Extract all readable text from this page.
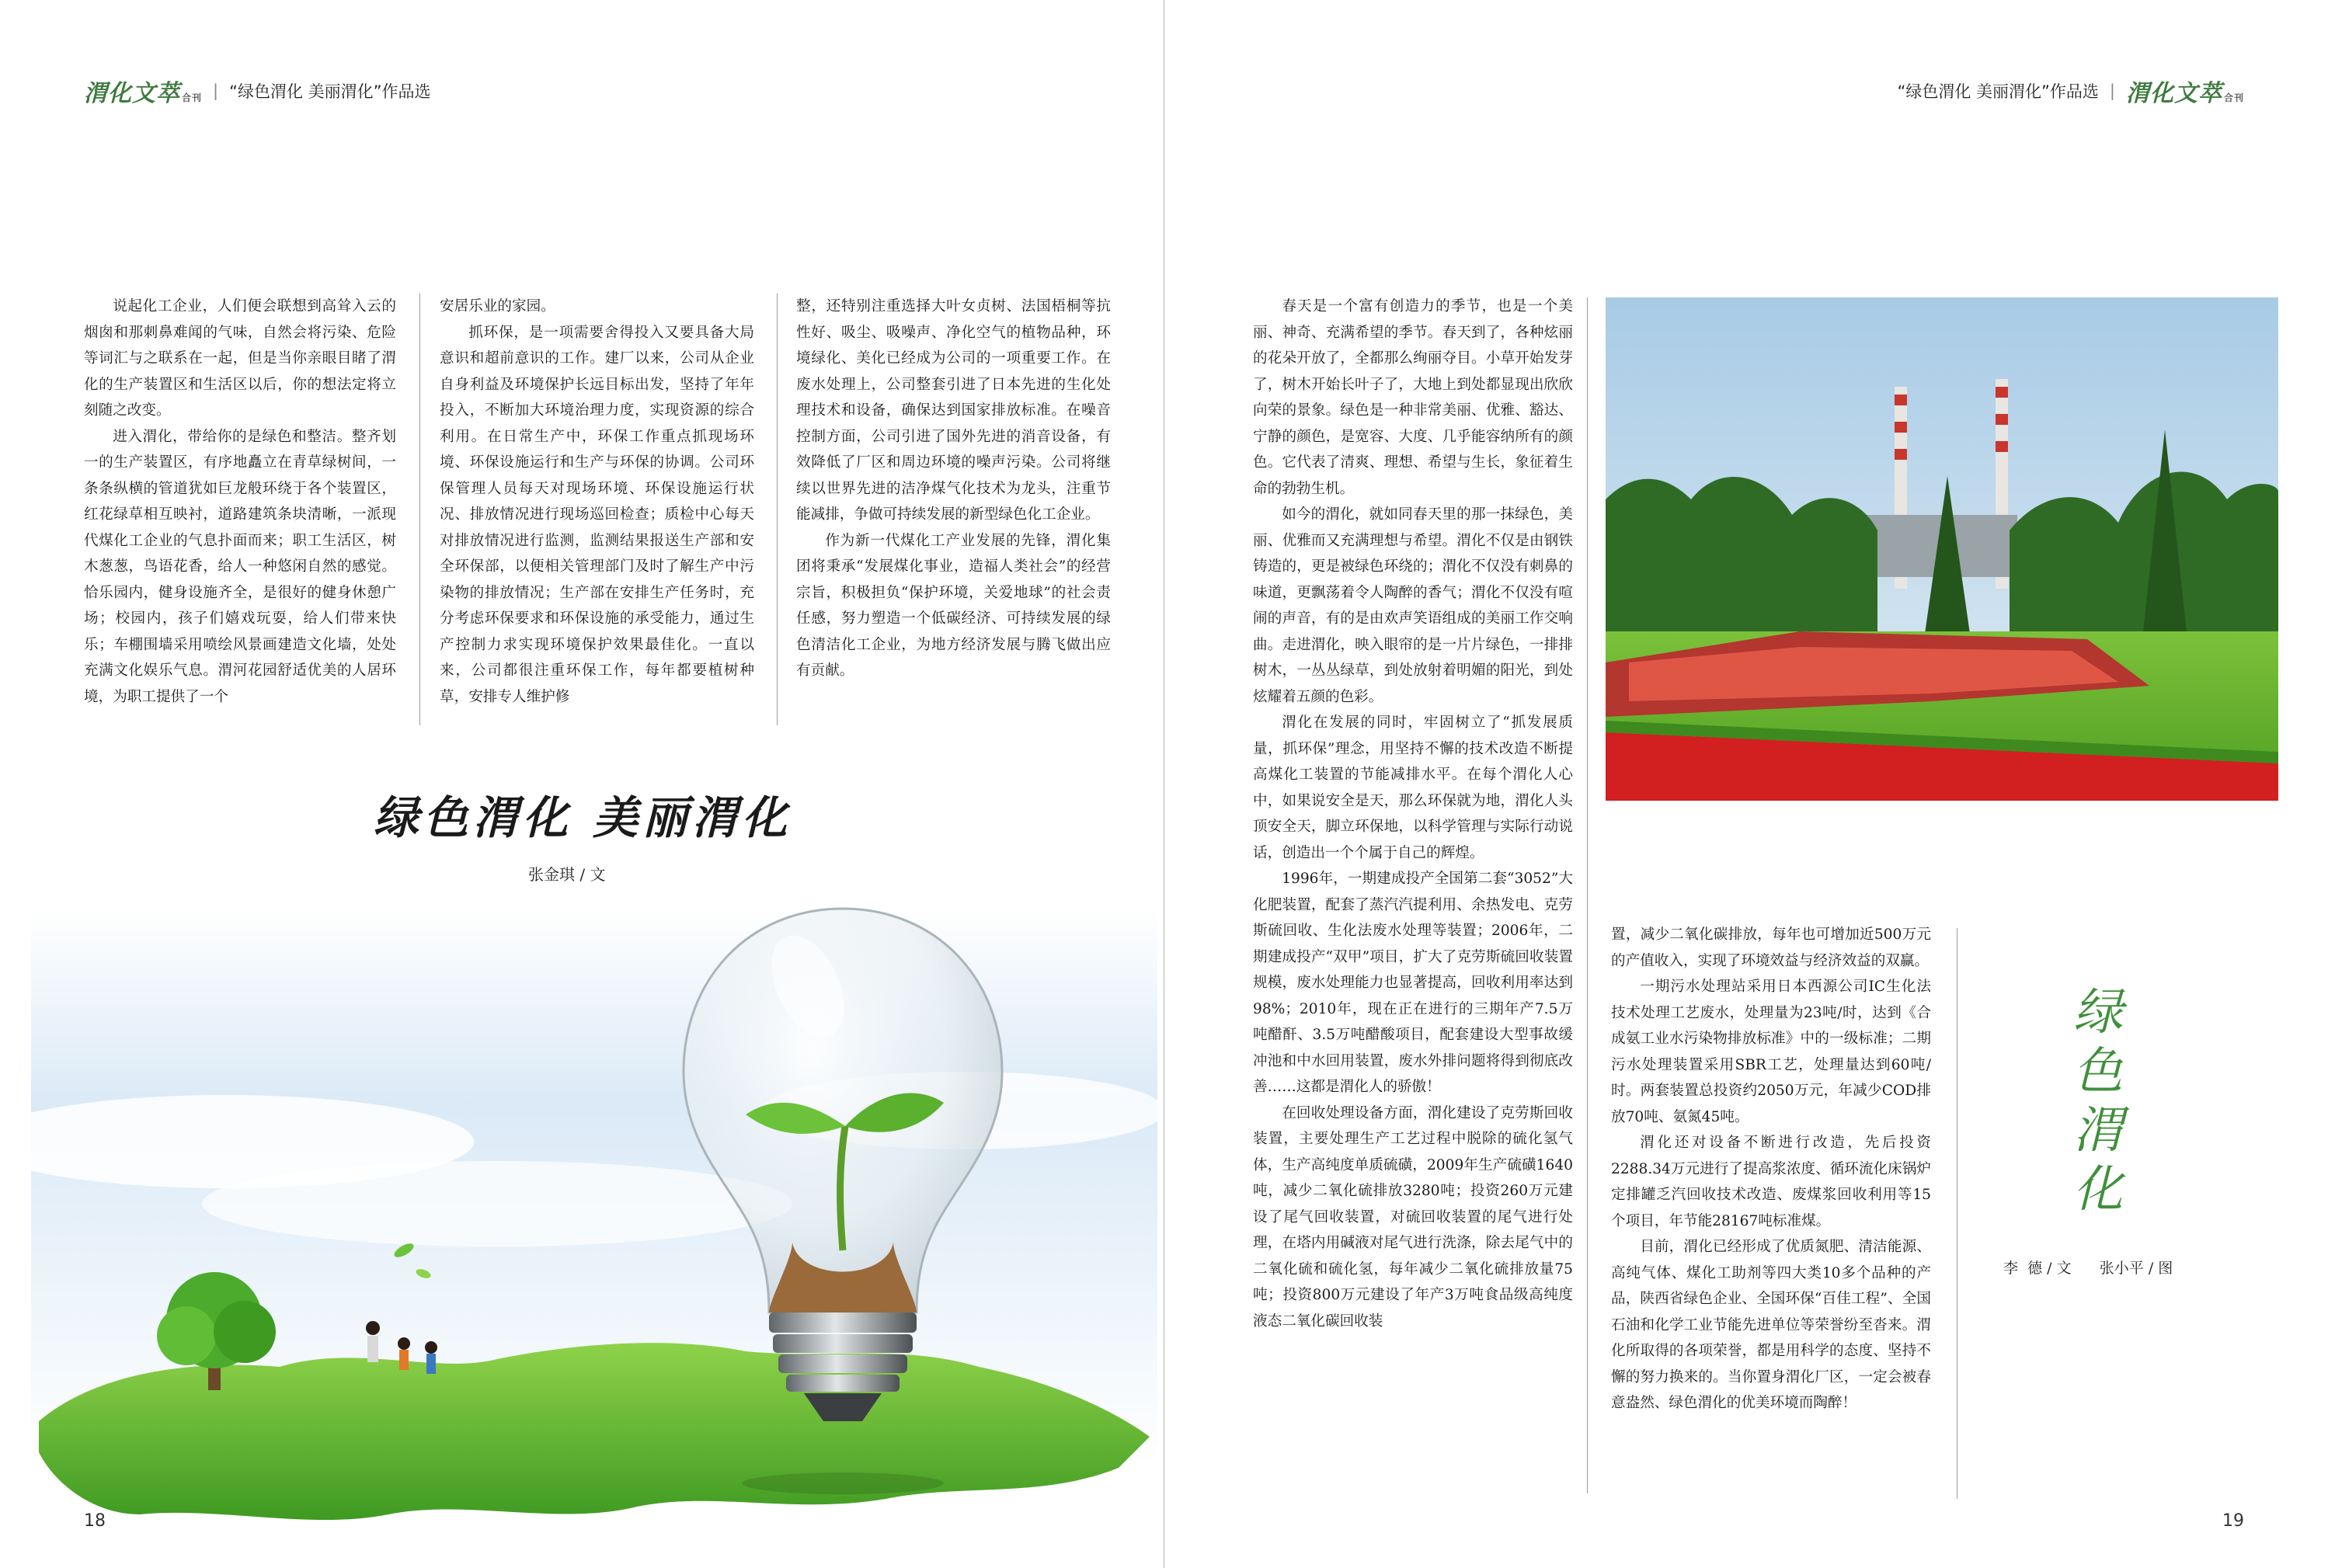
渭化文萃 合刊 | “绿色渭化 美丽渭化”作品选

说起化工企业，人们便会联想到高耸入云的烟囱和那刺鼻难闻的气味，自然会将污染、危险等词汇与之联系在一起，但是当你亲眼目睹了渭化的生产装置区和生活区以后，你的想法定将立刻随之改变。

进入渭化，带给你的是绿色和整洁。整齐划一的生产装置区，有序地矗立在青草绿树间，一条条纵横的管道犹如巨龙般环绕于各个装置区，红花绿草相互映衬，道路建筑条块清晰，一派现代煤化工企业的气息扑面而来；职工生活区，树木葱葱，鸟语花香，给人一种悠闲自然的感觉。恰乐园内，健身设施齐全，是很好的健身休憩广场；校园内，孩子们嬉戏玩耍，给人们带来快乐；车棚围墙采用喷绘风景画建造文化墙，处处充满文化娱乐气息。渭河花园舒适优美的人居环境，为职工提供了一个

安居乐业的家园。

抓环保，是一项需要舍得投入又要具备大局意识和超前意识的工作。建厂以来，公司从企业自身利益及环境保护长远目标出发，坚持了年年投入，不断加大环境治理力度，实现资源的综合利用。在日常生产中，环保工作重点抓现场环境、环保设施运行和生产与环保的协调。公司环保管理人员每天对现场环境、环保设施运行状况、排放情况进行现场巡回检查；质检中心每天对排放情况进行监测，监测结果报送生产部和安全环保部，以便相关管理部门及时了解生产中污染物的排放情况；生产部在安排生产任务时，充分考虑环保要求和环保设施的承受能力，通过生产控制力求实现环境保护效果最佳化。一直以来，公司都很注重环保工作，每年都要植树种草，安排专人维护修

整，还特别注重选择大叶女贞树、法国梧桐等抗性好、吸尘、吸噪声、净化空气的植物品种，环境绿化、美化已经成为公司的一项重要工作。在废水处理上，公司整套引进了日本先进的生化处理技术和设备，确保达到国家排放标准。在噪音控制方面，公司引进了国外先进的消音设备，有效降低了厂区和周边环境的噪声污染。公司将继续以世界先进的洁净煤气化技术为龙头，注重节能减排，争做可持续发展的新型绿色化工企业。

作为新一代煤化工产业发展的先锋，渭化集团将秉承“发展煤化事业，造福人类社会”的经营宗旨，积极担负“保护环境，关爱地球”的社会责任感，努力塑造一个低碳经济、可持续发展的绿色清洁化工企业，为地方经济发展与腾飞做出应有贡献。

绿色渭化 美丽渭化
张金琪 / 文
18
“绿色渭化 美丽渭化”作品选 | 渭化文萃 合刊

春天是一个富有创造力的季节，也是一个美丽、神奇、充满希望的季节。春天到了，各种炫丽的花朵开放了，全都那么绚丽夺目。小草开始发芽了，树木开始长叶子了，大地上到处都显现出欣欣向荣的景象。绿色是一种非常美丽、优雅、豁达、宁静的颜色，是宽容、大度、几乎能容纳所有的颜色。它代表了清爽、理想、希望与生长，象征着生命的勃勃生机。

如今的渭化，就如同春天里的那一抹绿色，美丽、优雅而又充满理想与希望。渭化不仅是由钢铁铸造的，更是被绿色环绕的；渭化不仅没有刺鼻的味道，更飘荡着令人陶醉的香气；渭化不仅没有喧闹的声音，有的是由欢声笑语组成的美丽工作交响曲。走进渭化，映入眼帘的是一片片绿色，一排排树木，一丛丛绿草，到处放射着明媚的阳光，到处炫耀着五颜的色彩。

渭化在发展的同时，牢固树立了“抓发展质量，抓环保”理念，用坚持不懈的技术改造不断提高煤化工装置的节能减排水平。在每个渭化人心中，如果说安全是天，那么环保就为地，渭化人头顶安全天，脚立环保地，以科学管理与实际行动说话，创造出一个个属于自己的辉煌。

1996年，一期建成投产全国第二套“3052”大化肥装置，配套了蒸汽汽提利用、余热发电、克劳斯硫回收、生化法废水处理等装置；2006年，二期建成投产“双甲”项目，扩大了克劳斯硫回收装置规模，废水处理能力也显著提高，回收利用率达到98%；2010年，现在正在进行的三期年产7.5万吨醋酐、3.5万吨醋酸项目，配套建设大型事故缓冲池和中水回用装置，废水外排问题将得到彻底改善……这都是渭化人的骄傲！

在回收处理设备方面，渭化建设了克劳斯回收装置，主要处理生产工艺过程中脱除的硫化氢气体，生产高纯度单质硫磺，2009年生产硫磺1640吨，减少二氧化硫排放3280吨；投资260万元建设了尾气回收装置，对硫回收装置的尾气进行处理，在塔内用碱液对尾气进行洗涤，除去尾气中的二氧化硫和硫化氢，每年减少二氧化硫排放量75吨；投资800万元建设了年产3万吨食品级高纯度液态二氧化碳回收装

置，减少二氧化碳排放，每年也可增加近500万元的产值收入，实现了环境效益与经济效益的双赢。

一期污水处理站采用日本西源公司IC生化法技术处理工艺废水，处理量为23吨/时，达到《合成氨工业水污染物排放标准》中的一级标准；二期污水处理装置采用SBR工艺，处理量达到60吨/时。两套装置总投资约2050万元，年减少COD排放70吨、氨氮45吨。

渭化还对设备不断进行改造，先后投资2288.34万元进行了提高浆浓度、循环流化床锅炉定排罐乏汽回收技术改造、废煤浆回收利用等15个项目，年节能28167吨标准煤。

目前，渭化已经形成了优质氮肥、清洁能源、高纯气体、煤化工助剂等四大类10多个品种的产品，陕西省绿色企业、全国环保“百佳工程”、全国石油和化学工业节能先进单位等荣誉纷至沓来。渭化所取得的各项荣誉，都是用科学的态度、坚持不懈的努力换来的。当你置身渭化厂区，一定会被春意盎然、绿色渭化的优美环境而陶醉！

绿
色
渭
化
李  德 / 文      张小平 / 图
19
